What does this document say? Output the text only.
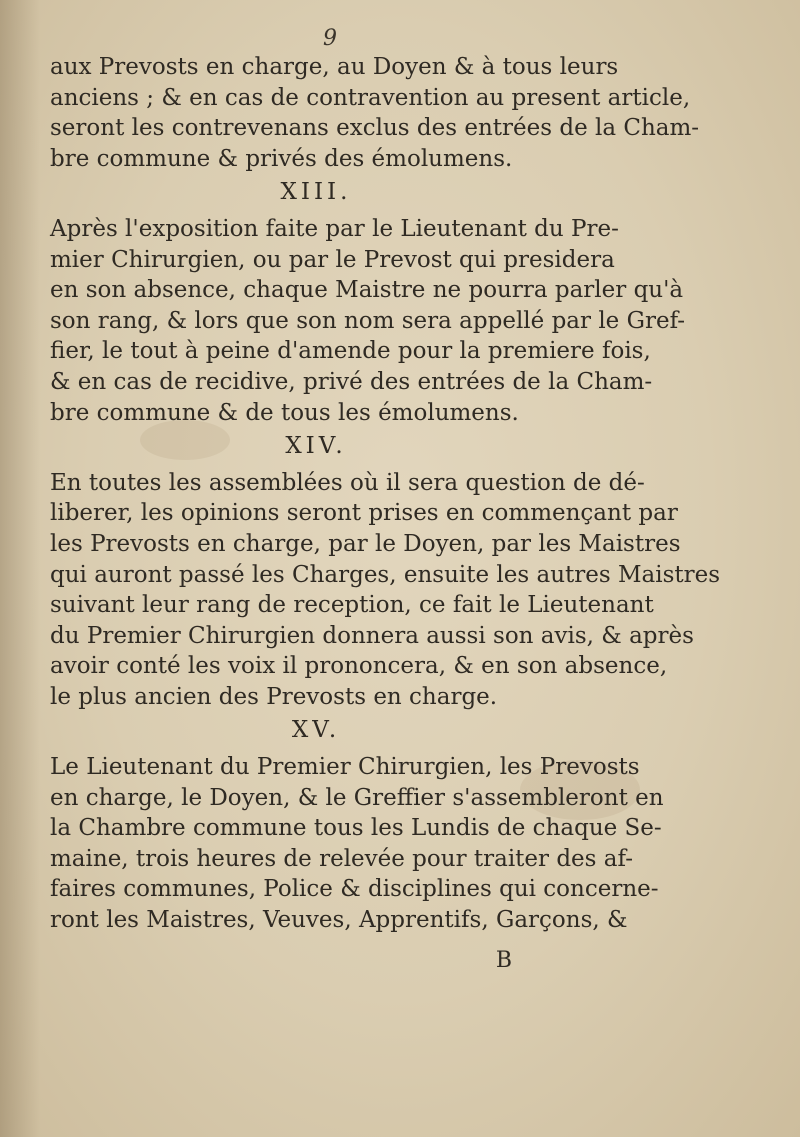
9
aux Prevosts en charge, au Doyen & à tous leurs
anciens ; & en cas de contravention au present article,
seront les contrevenans exclus des entrées de la Cham-
bre commune & privés des émolumens.
XIII.
Après l'exposition faite par le Lieutenant du Pre-
mier Chirurgien, ou par le Prevost qui presidera
en son absence, chaque Maistre ne pourra parler qu'à
son rang, & lors que son nom sera appellé par le Gref-
fier, le tout à peine d'amende pour la premiere fois,
& en cas de recidive, privé des entrées de la Cham-
bre commune & de tous les émolumens.
XIV.
En toutes les assemblées où il sera question de dé-
liberer, les opinions seront prises en commençant par
les Prevosts en charge, par le Doyen, par les Maistres
qui auront passé les Charges, ensuite les autres Maistres
suivant leur rang de reception, ce fait le Lieutenant
du Premier Chirurgien donnera aussi son avis, & après
avoir conté les voix il prononcera, & en son absence,
le plus ancien des Prevosts en charge.
XV.
Le Lieutenant du Premier Chirurgien, les Prevosts
en charge, le Doyen, & le Greffier s'assembleront en
la Chambre commune tous les Lundis de chaque Se-
maine, trois heures de relevée pour traiter des af-
faires communes, Police & disciplines qui concerne-
ront les Maistres, Veuves, Apprentifs, Garçons, &
B
